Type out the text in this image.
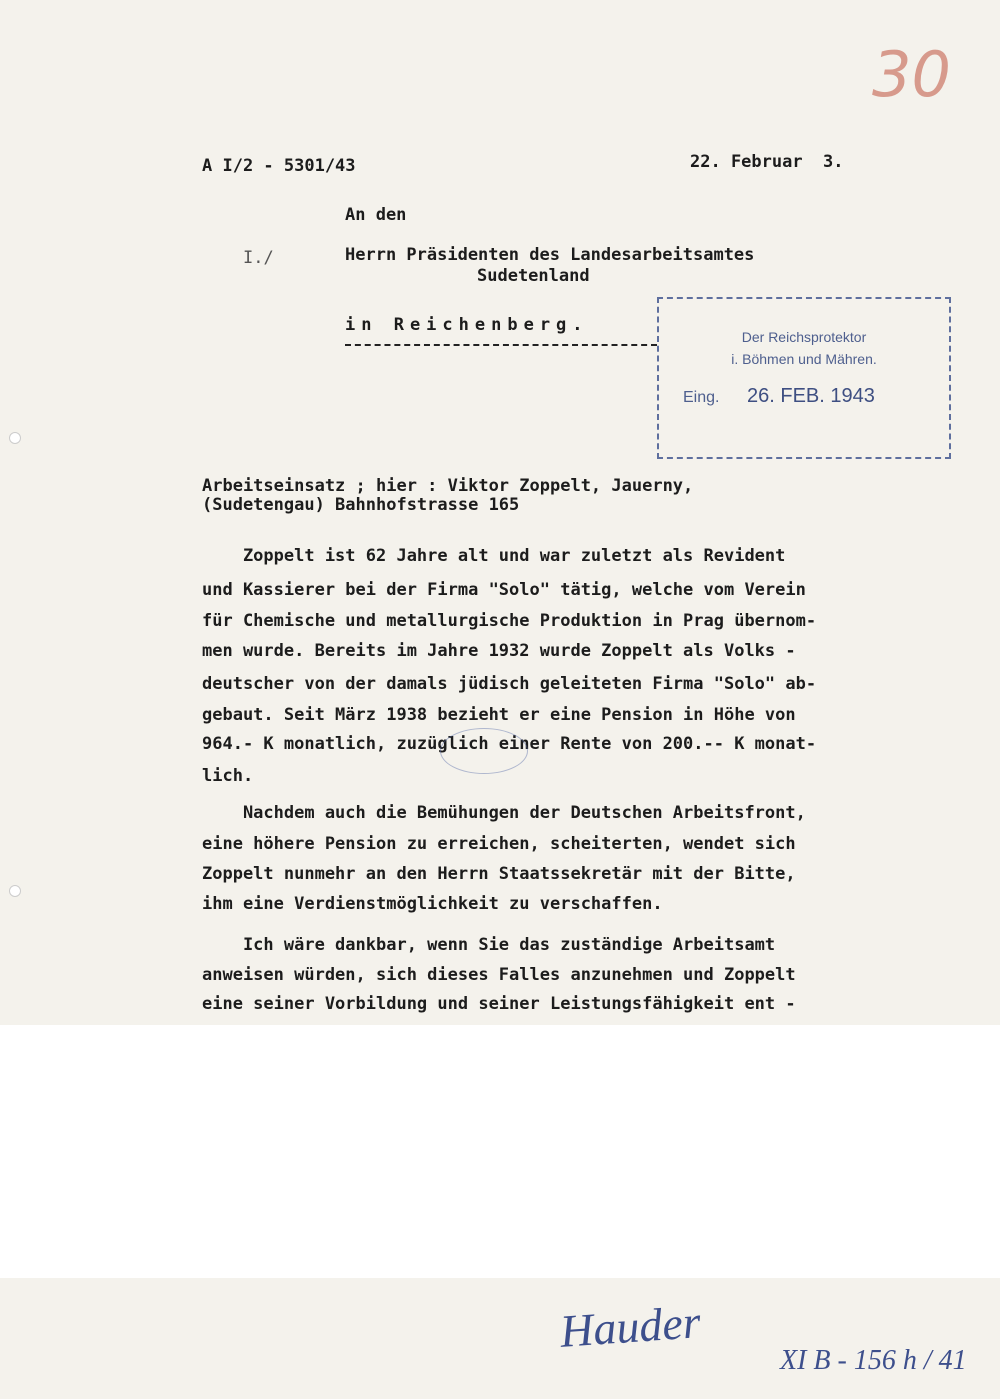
30
A I/2 - 5301/43	22. Februar  3.
An den
I./	Herrn Präsidenten des Landesarbeitsamtes
Sudetenland
in Reichenberg.
Der Reichsprotektor
i. Böhmen und Mähren.
Eing. 26. FEB. 1943
Arbeitseinsatz ; hier : Viktor Zoppelt, Jauerny,
(Sudetengau) Bahnhofstrasse 165
Zoppelt ist 62 Jahre alt und war zuletzt als Revident
und Kassierer bei der Firma "Solo" tätig, welche vom Verein
für Chemische und metallurgische Produktion in Prag übernom-
men wurde. Bereits im Jahre 1932 wurde Zoppelt als Volks -
deutscher von der damals jüdisch geleiteten Firma "Solo" ab-
gebaut. Seit März 1938 bezieht er eine Pension in Höhe von
964.- K monatlich, zuzüglich einer Rente von 200.-- K monat-
lich.
Nachdem auch die Bemühungen der Deutschen Arbeitsfront,
eine höhere Pension zu erreichen, scheiterten, wendet sich
Zoppelt nunmehr an den Herrn Staatssekretär mit der Bitte,
ihm eine Verdienstmöglichkeit zu verschaffen.
Ich wäre dankbar, wenn Sie das zuständige Arbeitsamt
anweisen würden, sich dieses Falles anzunehmen und Zoppelt
eine seiner Vorbildung und seiner Leistungsfähigkeit ent -
Hauder
XI B - 156 h / 41
